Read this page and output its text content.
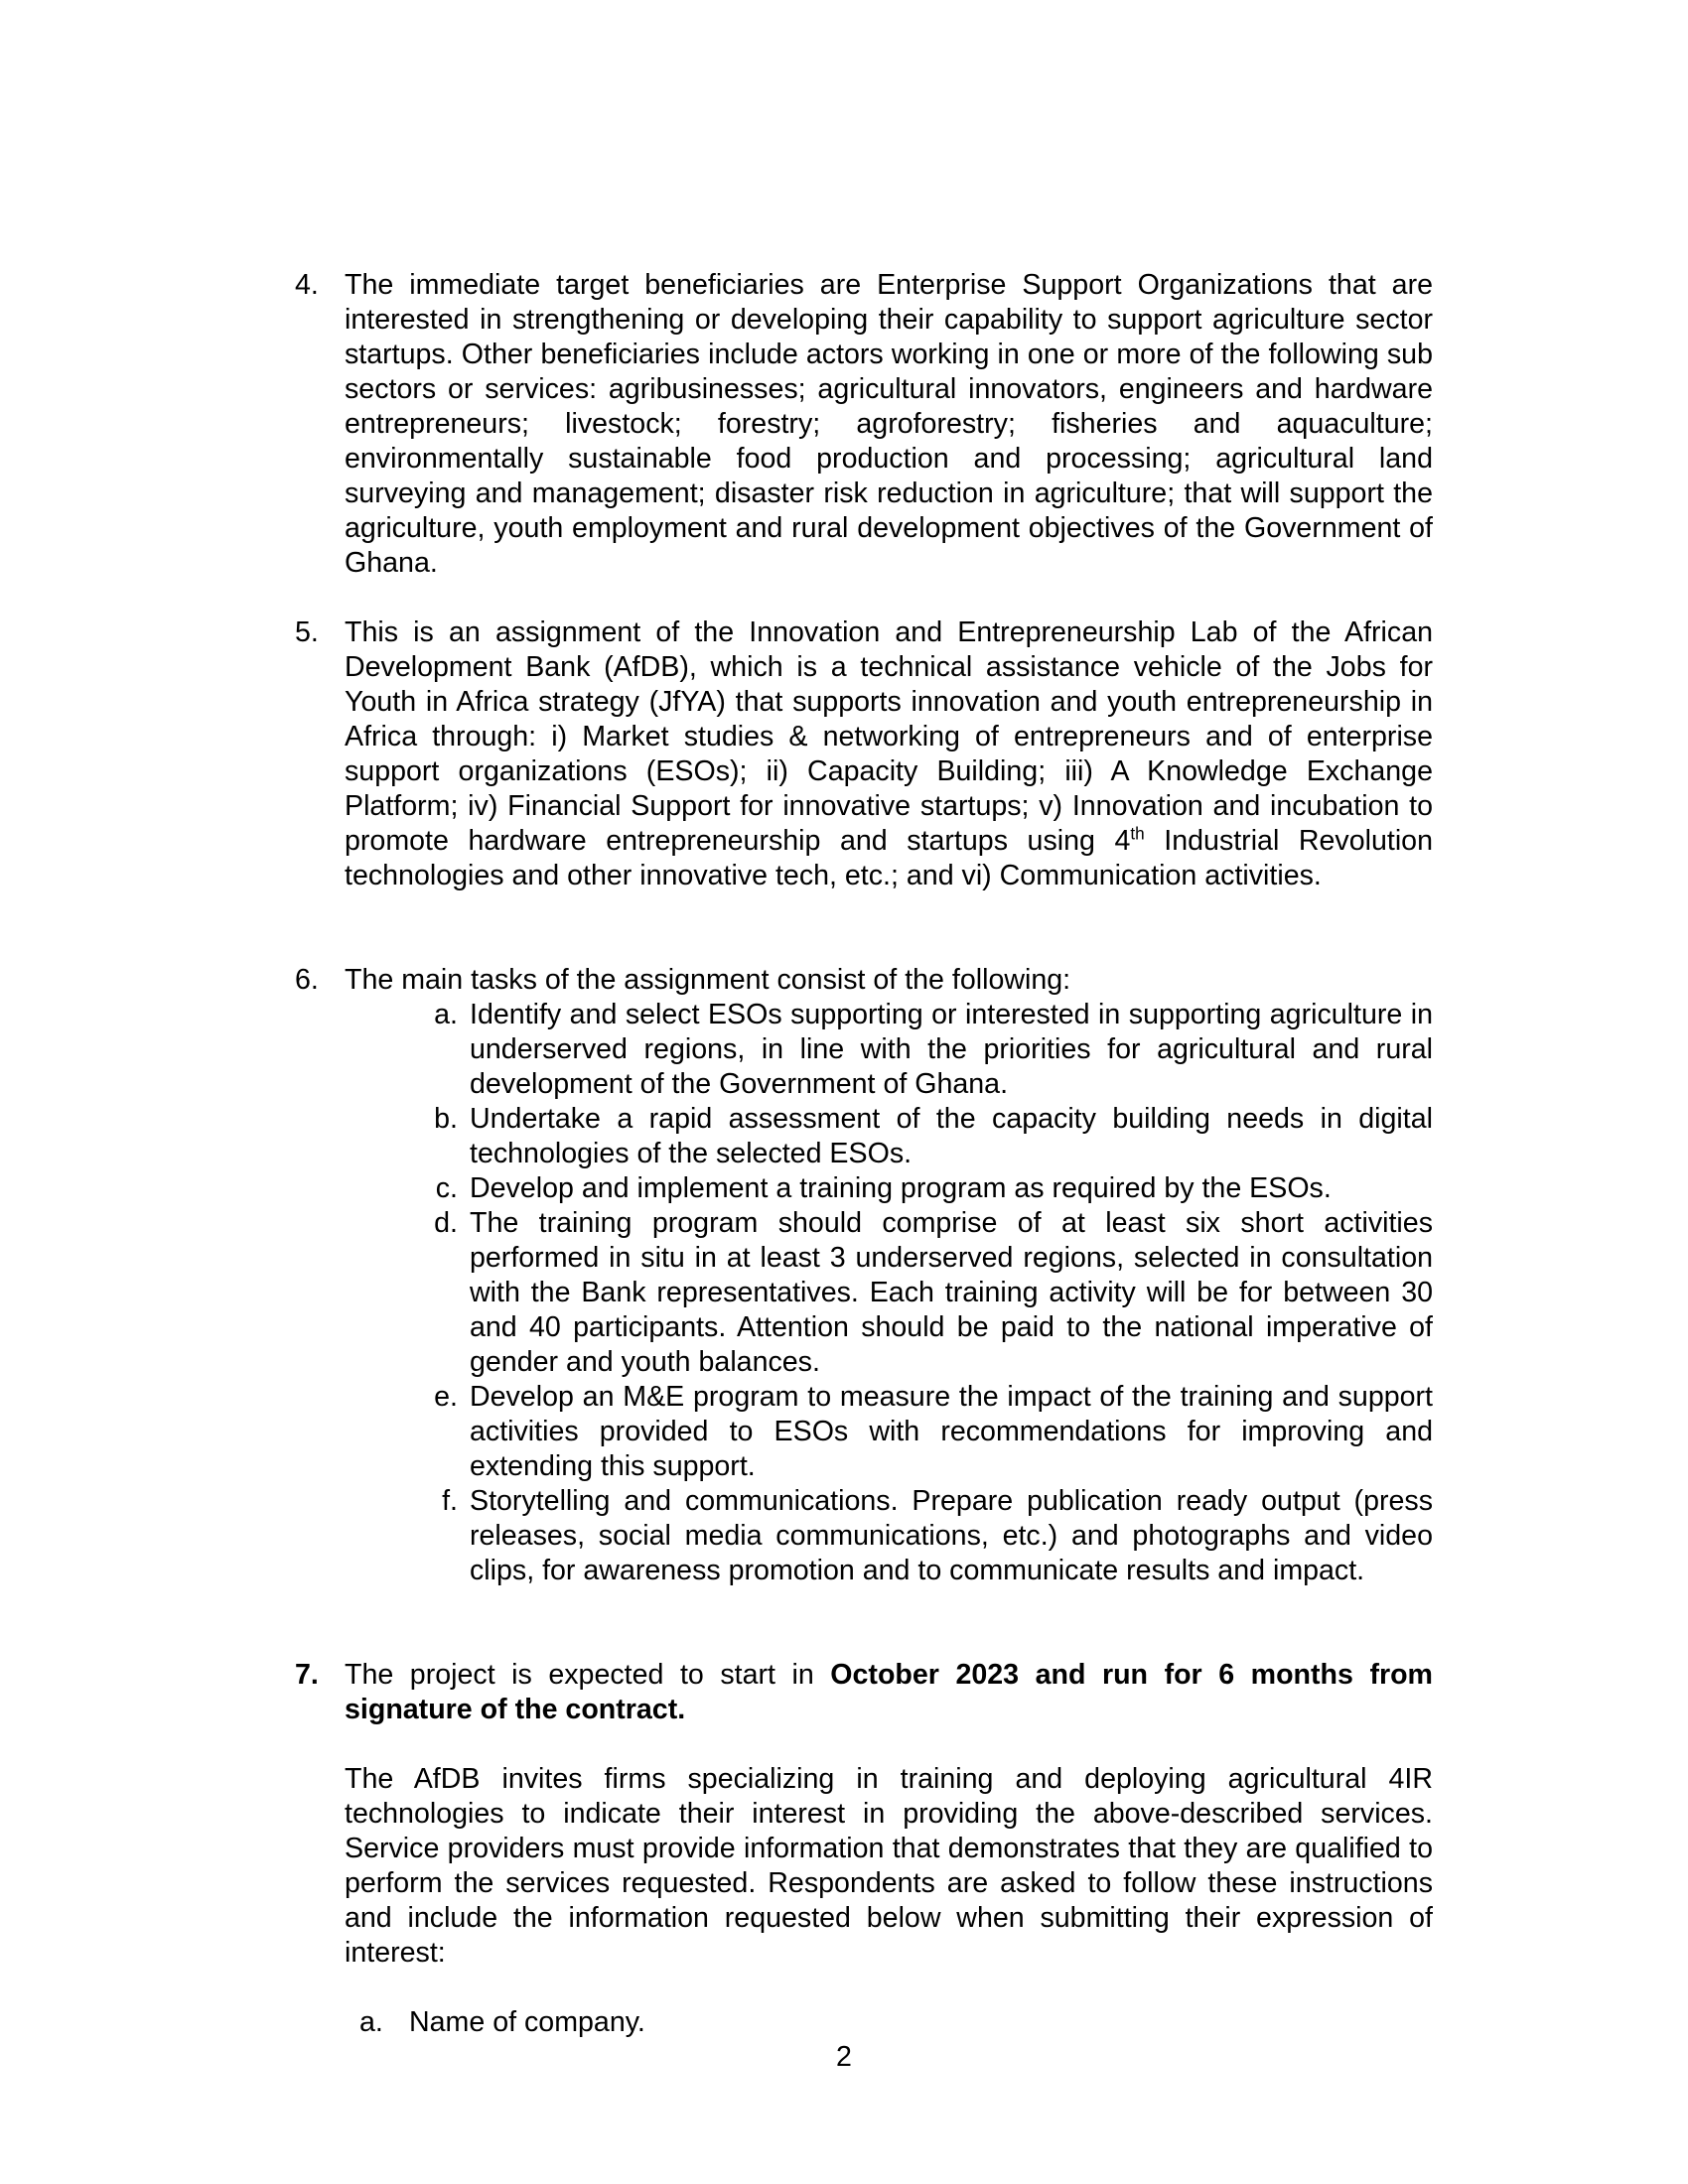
4. The immediate target beneficiaries are Enterprise Support Organizations that are interested in strengthening or developing their capability to support agriculture sector startups. Other beneficiaries include actors working in one or more of the following sub sectors or services: agribusinesses; agricultural innovators, engineers and hardware entrepreneurs; livestock; forestry; agroforestry; fisheries and aquaculture; environmentally sustainable food production and processing; agricultural land surveying and management; disaster risk reduction in agriculture; that will support the agriculture, youth employment and rural development objectives of the Government of Ghana.
5. This is an assignment of the Innovation and Entrepreneurship Lab of the African Development Bank (AfDB), which is a technical assistance vehicle of the Jobs for Youth in Africa strategy (JfYA) that supports innovation and youth entrepreneurship in Africa through: i) Market studies & networking of entrepreneurs and of enterprise support organizations (ESOs); ii) Capacity Building; iii) A Knowledge Exchange Platform; iv) Financial Support for innovative startups; v) Innovation and incubation to promote hardware entrepreneurship and startups using 4th Industrial Revolution technologies and other innovative tech, etc.; and vi) Communication activities.
6. The main tasks of the assignment consist of the following:
a. Identify and select ESOs supporting or interested in supporting agriculture in underserved regions, in line with the priorities for agricultural and rural development of the Government of Ghana.
b. Undertake a rapid assessment of the capacity building needs in digital technologies of the selected ESOs.
c. Develop and implement a training program as required by the ESOs.
d. The training program should comprise of at least six short activities performed in situ in at least 3 underserved regions, selected in consultation with the Bank representatives. Each training activity will be for between 30 and 40 participants. Attention should be paid to the national imperative of gender and youth balances.
e. Develop an M&E program to measure the impact of the training and support activities provided to ESOs with recommendations for improving and extending this support.
f. Storytelling and communications. Prepare publication ready output (press releases, social media communications, etc.) and photographs and video clips, for awareness promotion and to communicate results and impact.
7. The project is expected to start in October 2023 and run for 6 months from signature of the contract.
The AfDB invites firms specializing in training and deploying agricultural 4IR technologies to indicate their interest in providing the above-described services. Service providers must provide information that demonstrates that they are qualified to perform the services requested. Respondents are asked to follow these instructions and include the information requested below when submitting their expression of interest:
a. Name of company.
2
